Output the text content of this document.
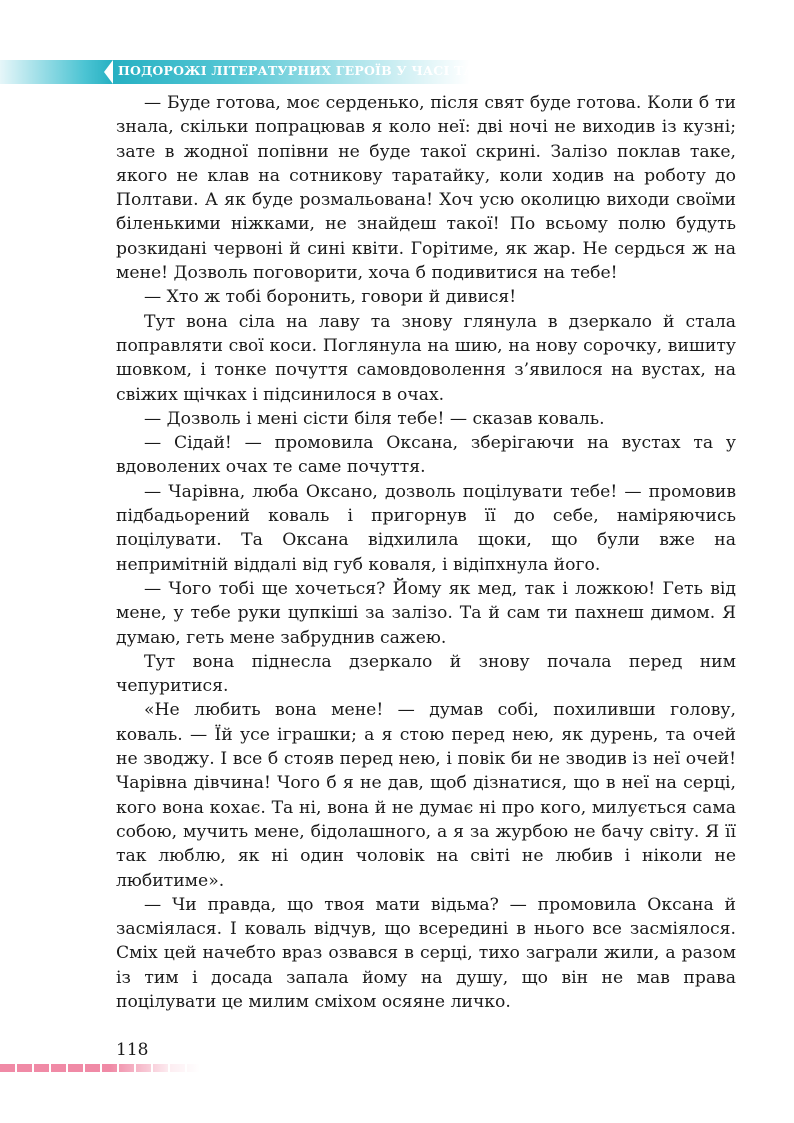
ПОДОРОЖІ ЛІТЕРАТУРНИХ ГЕРОЇВ У ЧАСІ ТА ПРОСТОРІ

— Буде готова, моє серденько, після свят буде готова. Коли б ти знала, скільки попрацював я коло неї: дві ночі не виходив із кузні; зате в жодної попівни не буде такої скрині. Залізо поклав таке, якого не клав на сотникову таратайку, коли ходив на роботу до Полтави. А як буде розмальована! Хоч усю околицю виходи своїми біленькими ніжками, не знайдеш такої! По всьому полю будуть розкидані червоні й сині квіти. Горітиме, як жар. Не сердься ж на мене! Дозволь поговорити, хоча б подивитися на тебе!

— Хто ж тобі боронить, говори й дивися!

Тут вона сіла на лаву та знову глянула в дзеркало й стала поправляти свої коси. Поглянула на шию, на нову сорочку, вишиту шовком, і тонке почуття самовдоволення з’явилося на вустах, на свіжих щічках і підсинилося в очах.

— Дозволь і мені сісти біля тебе! — сказав коваль.

— Сідай! — промовила Оксана, зберігаючи на вустах та у вдоволених очах те саме почуття.

— Чарівна, люба Оксано, дозволь поцілувати тебе! — промовив підбадьорений коваль і пригорнув її до себе, наміряючись поцілувати. Та Оксана відхилила щоки, що були вже на непримітній віддалі від губ коваля, і відіпхнула його.

— Чого тобі ще хочеться? Йому як мед, так і ложкою! Геть від мене, у тебе руки цупкіші за залізо. Та й сам ти пахнеш димом. Я думаю, геть мене забруднив сажею.

Тут вона піднесла дзеркало й знову почала перед ним чепуритися.

«Не любить вона мене! — думав собі, похиливши голову, коваль. — Їй усе іграшки; а я стою перед нею, як дурень, та очей не зводжу. І все б стояв перед нею, і повік би не зводив із неї очей! Чарівна дівчина! Чого б я не дав, щоб дізнатися, що в неї на серці, кого вона кохає. Та ні, вона й не думає ні про кого, милується сама собою, мучить мене, бідолашного, а я за журбою не бачу світу. Я її так люблю, як ні один чоловік на світі не любив і ніколи не любитиме».

— Чи правда, що твоя мати відьма? — промовила Оксана й засміялася. І коваль відчув, що всередині в нього все засміялося. Сміх цей начебто враз озвався в серці, тихо заграли жили, а разом із тим і досада запала йому на душу, що він не мав права поцілувати це милим сміхом осяяне личко.

118
